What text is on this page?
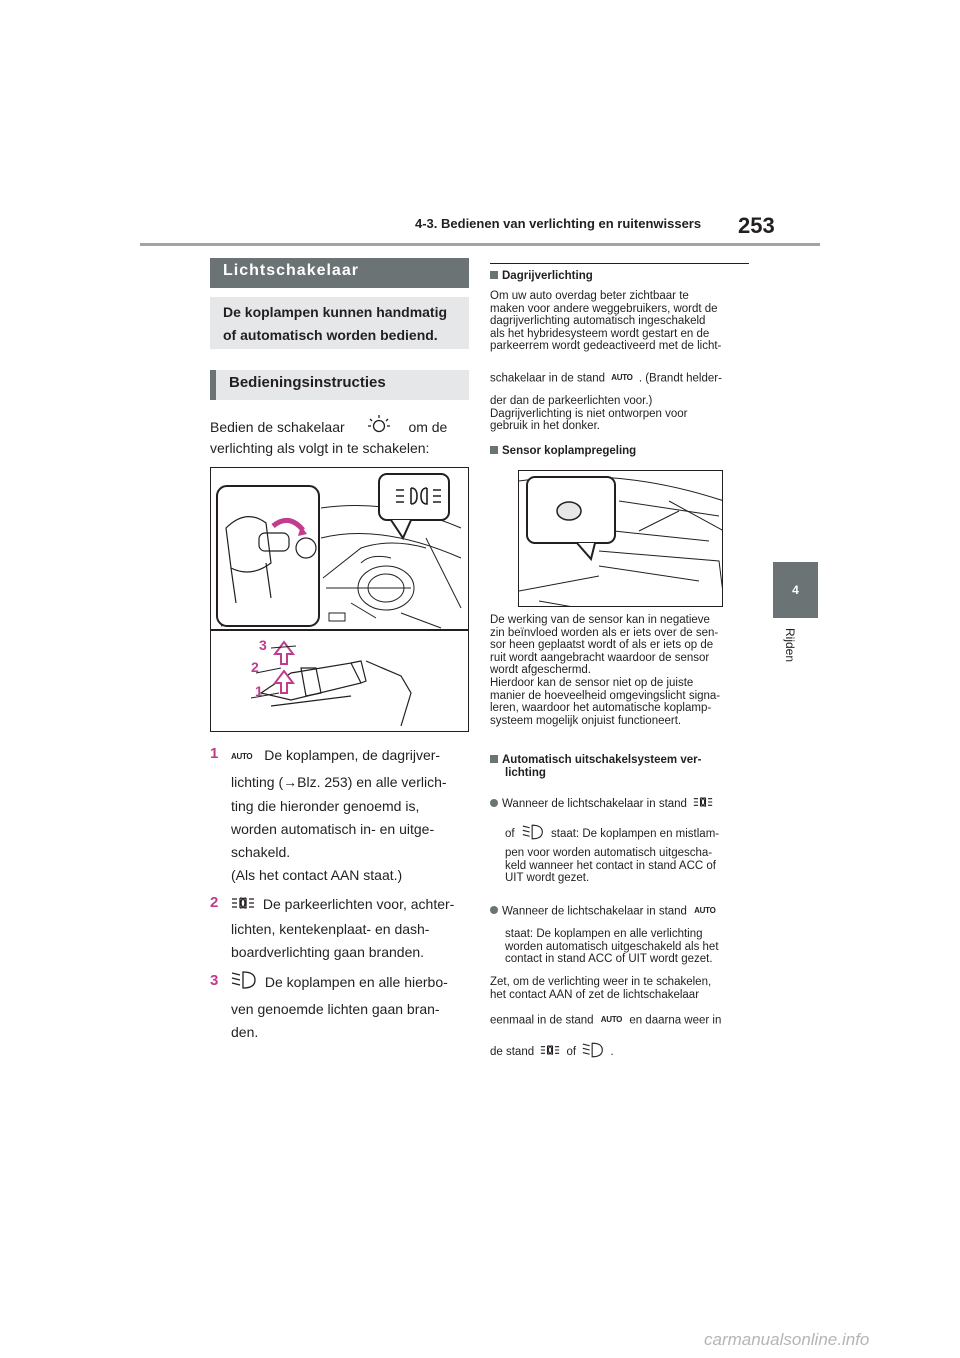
4-3. Bedienen van verlichting en ruitenwissers 253
4
Rijden
Lichtschakelaar
De koplampen kunnen handmatig
of automatisch worden bediend.
Bedieningsinstructies
Bedien de schakelaar	om de
verlichting als volgt in te schakelen:
3
2
1
1 AUTO De koplampen, de dagrijver-
lichting (→Blz. 253) en alle verlich-
ting die hieronder genoemd is,
worden automatisch in- en uitge-
schakeld.
(Als het contact AAN staat.)
2	De parkeerlichten voor, achter-
lichten, kentekenplaat- en dash-
boardverlichting gaan branden.
3	De koplampen en alle hierbo-
ven genoemde lichten gaan bran-
den.
Dagrijverlichting
Om uw auto overdag beter zichtbaar te
maken voor andere weggebruikers, wordt de
dagrijverlichting automatisch ingeschakeld
als het hybridesysteem wordt gestart en de
parkeerrem wordt gedeactiveerd met de licht-
schakelaar in de stand AUTO . (Brandt helder-
der dan de parkeerlichten voor.)
Dagrijverlichting is niet ontworpen voor
gebruik in het donker.
Sensor koplampregeling
De werking van de sensor kan in negatieve
zin beïnvloed worden als er iets over de sen-
sor heen geplaatst wordt of als er iets op de
ruit wordt aangebracht waardoor de sensor
wordt afgeschermd.
Hierdoor kan de sensor niet op de juiste
manier de hoeveelheid omgevingslicht signa-
leren, waardoor het automatische koplamp-
systeem mogelijk onjuist functioneert.
Automatisch uitschakelsysteem ver-
lichting
Wanneer de lichtschakelaar in stand
of	staat: De koplampen en mistlam-
pen voor worden automatisch uitgescha-
keld wanneer het contact in stand ACC of
UIT wordt gezet.
Wanneer de lichtschakelaar in stand AUTO
staat: De koplampen en alle verlichting
worden automatisch uitgeschakeld als het
contact in stand ACC of UIT wordt gezet.
Zet, om de verlichting weer in te schakelen,
het contact AAN of zet de lichtschakelaar
eenmaal in de stand AUTO en daarna weer in
de stand	of	.
carmanualsonline.info
